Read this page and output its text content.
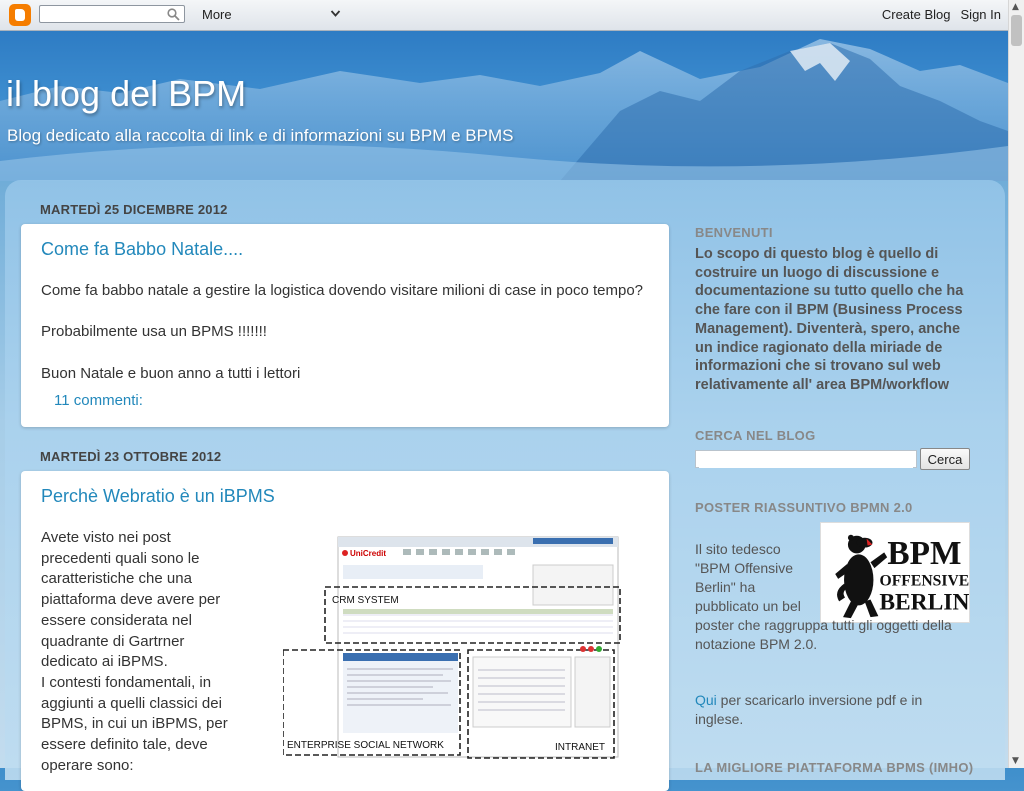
More	Create Blog Sign In
il blog del BPM

Blog dedicato alla raccolta di link e di informazioni su BPM e BPMS

MARTEDÌ 25 DICEMBRE 2012
Come fa Babbo Natale....

Come fa babbo natale a gestire la logistica dovendo visitare milioni di case in poco tempo?

Probabilmente usa un BPMS !!!!!!!

Buon Natale e buon anno a tutti i lettori

11 commenti:
MARTEDÌ 23 OTTOBRE 2012
Perchè Webratio è un iBPMS
Avete visto nei post
precedenti quali sono le
caratteristiche che una
piattaforma deve avere per
essere considerata nel
quadrante di Gartrner
dedicato ai iBPMS.
I contesti fondamentali, in
aggiunti a quelli classici dei
BPMS, in cui un iBPMS, per
essere definito tale, deve
operare sono:
UniCredit
CRM SYSTEM
ENTERPRISE SOCIAL NETWORK	INTRANET
BENVENUTI
Lo scopo di questo blog è quello di costruire un luogo di discussione e documentazione su tutto quello che ha che fare con il BPM (Business Process Management). Diventerà, spero, anche un indice ragionato della miriade de informazioni che si trovano sul web relativamente all' area BPM/workflow
CERCA NEL BLOG
Cerca
POSTER RIASSUNTIVO BPMN 2.0
BPM
OFFENSIVE
BERLIN
Il sito tedesco "BPM Offensive Berlin" ha pubblicato un bel
poster che raggruppa tutti gli oggetti della notazione BPM 2.0.
Qui per scaricarlo inversione pdf e in inglese.
LA MIGLIORE PIATTAFORMA BPMS (IMHO)
▲
▼
